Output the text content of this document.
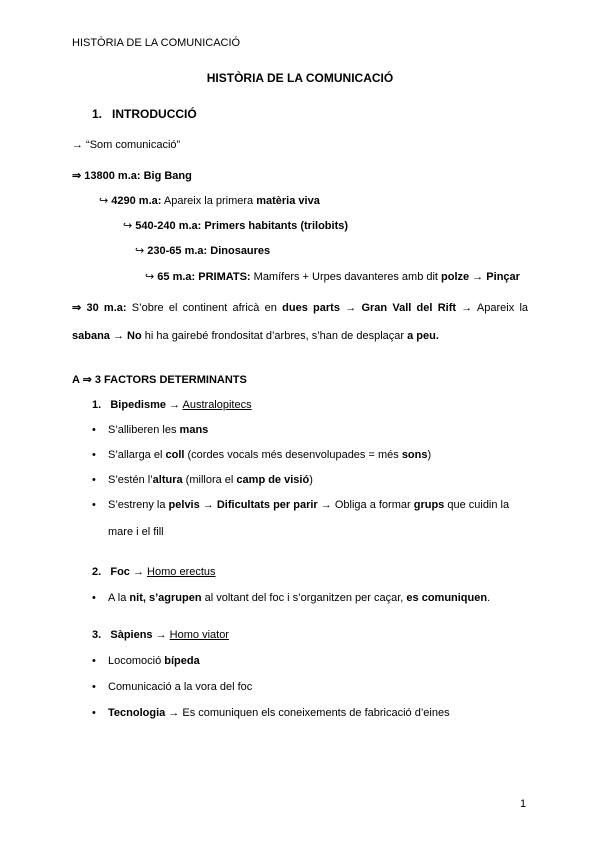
HISTÒRIA DE LA COMUNICACIÓ
HISTÒRIA DE LA COMUNICACIÓ
1. INTRODUCCIÓ
→ “Som comunicació”
⇒ 13800 m.a: Big Bang
↪ 4290 m.a: Apareix la primera matèria viva
↪ 540-240 m.a: Primers habitants (trilobits)
↪ 230-65 m.a: Dinosaures
↪ 65 m.a: PRIMATS: Mamífers + Urpes davanteres amb dit polze → Pinçar
⇒ 30 m.a: S’obre el continent africà en dues parts → Gran Vall del Rift → Apareix la sabana → No hi ha gairebé frondositat d’arbres, s’han de desplaçar a peu.
A ⇒ 3 FACTORS DETERMINANTS
1. Bipedisme → Australopitecs
• S’alliberen les mans
• S’allarga el coll (cordes vocals més desenvolupades = més sons)
• S’estén l’altura (millora el camp de visió)
• S’estreny la pelvis → Dificultats per parir → Obliga a formar grups que cuidin la mare i el fill
2. Foc → Homo erectus
• A la nit, s’agrupen al voltant del foc i s’organitzen per caçar, es comuniquen.
3. Sàpiens → Homo viator
• Locomoció bípeda
• Comunicació a la vora del foc
• Tecnologia → Es comuniquen els coneixements de fabricació d’eines
1
